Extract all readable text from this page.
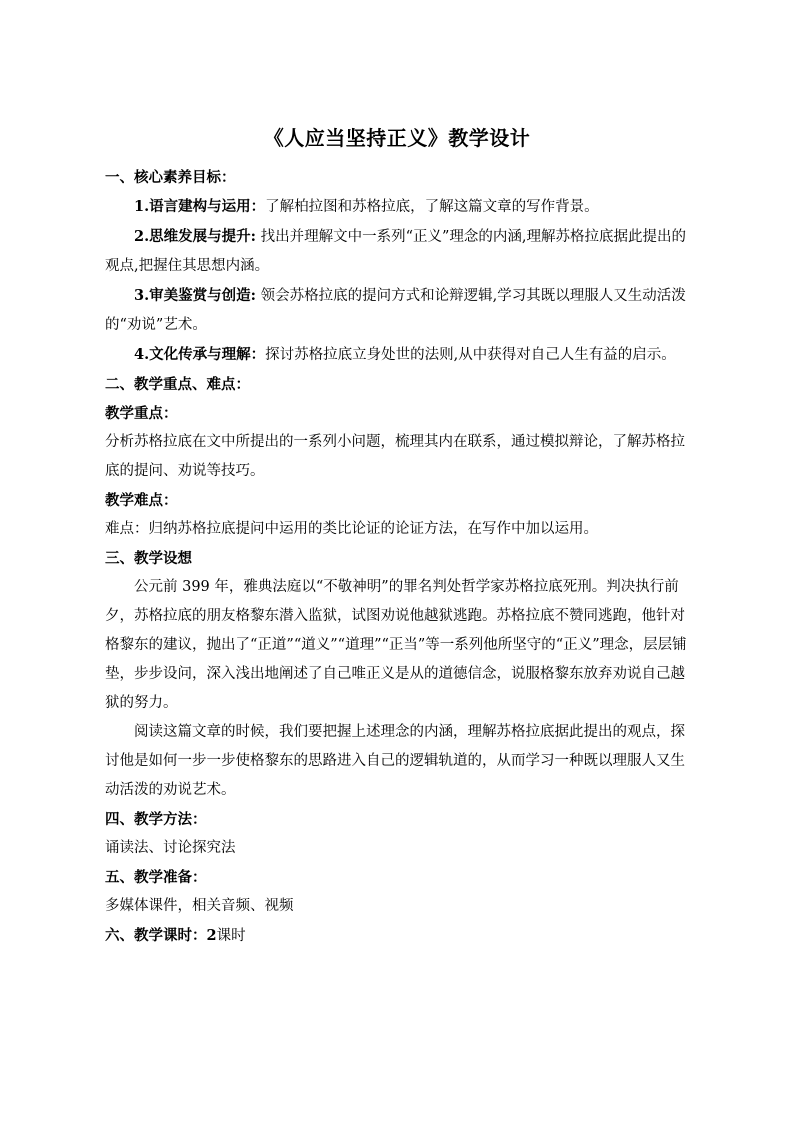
《人应当坚持正义》教学设计

一、核心素养目标：

1.语言建构与运用：了解柏拉图和苏格拉底，了解这篇文章的写作背景。

2.思维发展与提升: 找出并理解文中一系列“正义”理念的内涵,理解苏格拉底据此提出的观点,把握住其思想内涵。

3.审美鉴赏与创造: 领会苏格拉底的提问方式和论辩逻辑,学习其既以理服人又生动活泼的“劝说”艺术。

4.文化传承与理解：探讨苏格拉底立身处世的法则,从中获得对自己人生有益的启示。

二、教学重点、难点：

教学重点：

分析苏格拉底在文中所提出的一系列小问题，梳理其内在联系，通过模拟辩论，了解苏格拉底的提问、劝说等技巧。

教学难点：

难点：归纳苏格拉底提问中运用的类比论证的论证方法，在写作中加以运用。

三、教学设想

公元前 399 年，雅典法庭以“不敬神明”的罪名判处哲学家苏格拉底死刑。判决执行前夕，苏格拉底的朋友格黎东潜入监狱，试图劝说他越狱逃跑。苏格拉底不赞同逃跑，他针对格黎东的建议，抛出了“正道”“道义”“道理”“正当”等一系列他所坚守的“正义”理念，层层铺垫，步步设问，深入浅出地阐述了自己唯正义是从的道德信念，说服格黎东放弃劝说自己越狱的努力。

阅读这篇文章的时候，我们要把握上述理念的内涵，理解苏格拉底据此提出的观点，探讨他是如何一步一步使格黎东的思路进入自己的逻辑轨道的，从而学习一种既以理服人又生动活泼的劝说艺术。

四、教学方法：

诵读法、讨论探究法

五、教学准备：

多媒体课件，相关音频、视频

六、教学课时：2课时
